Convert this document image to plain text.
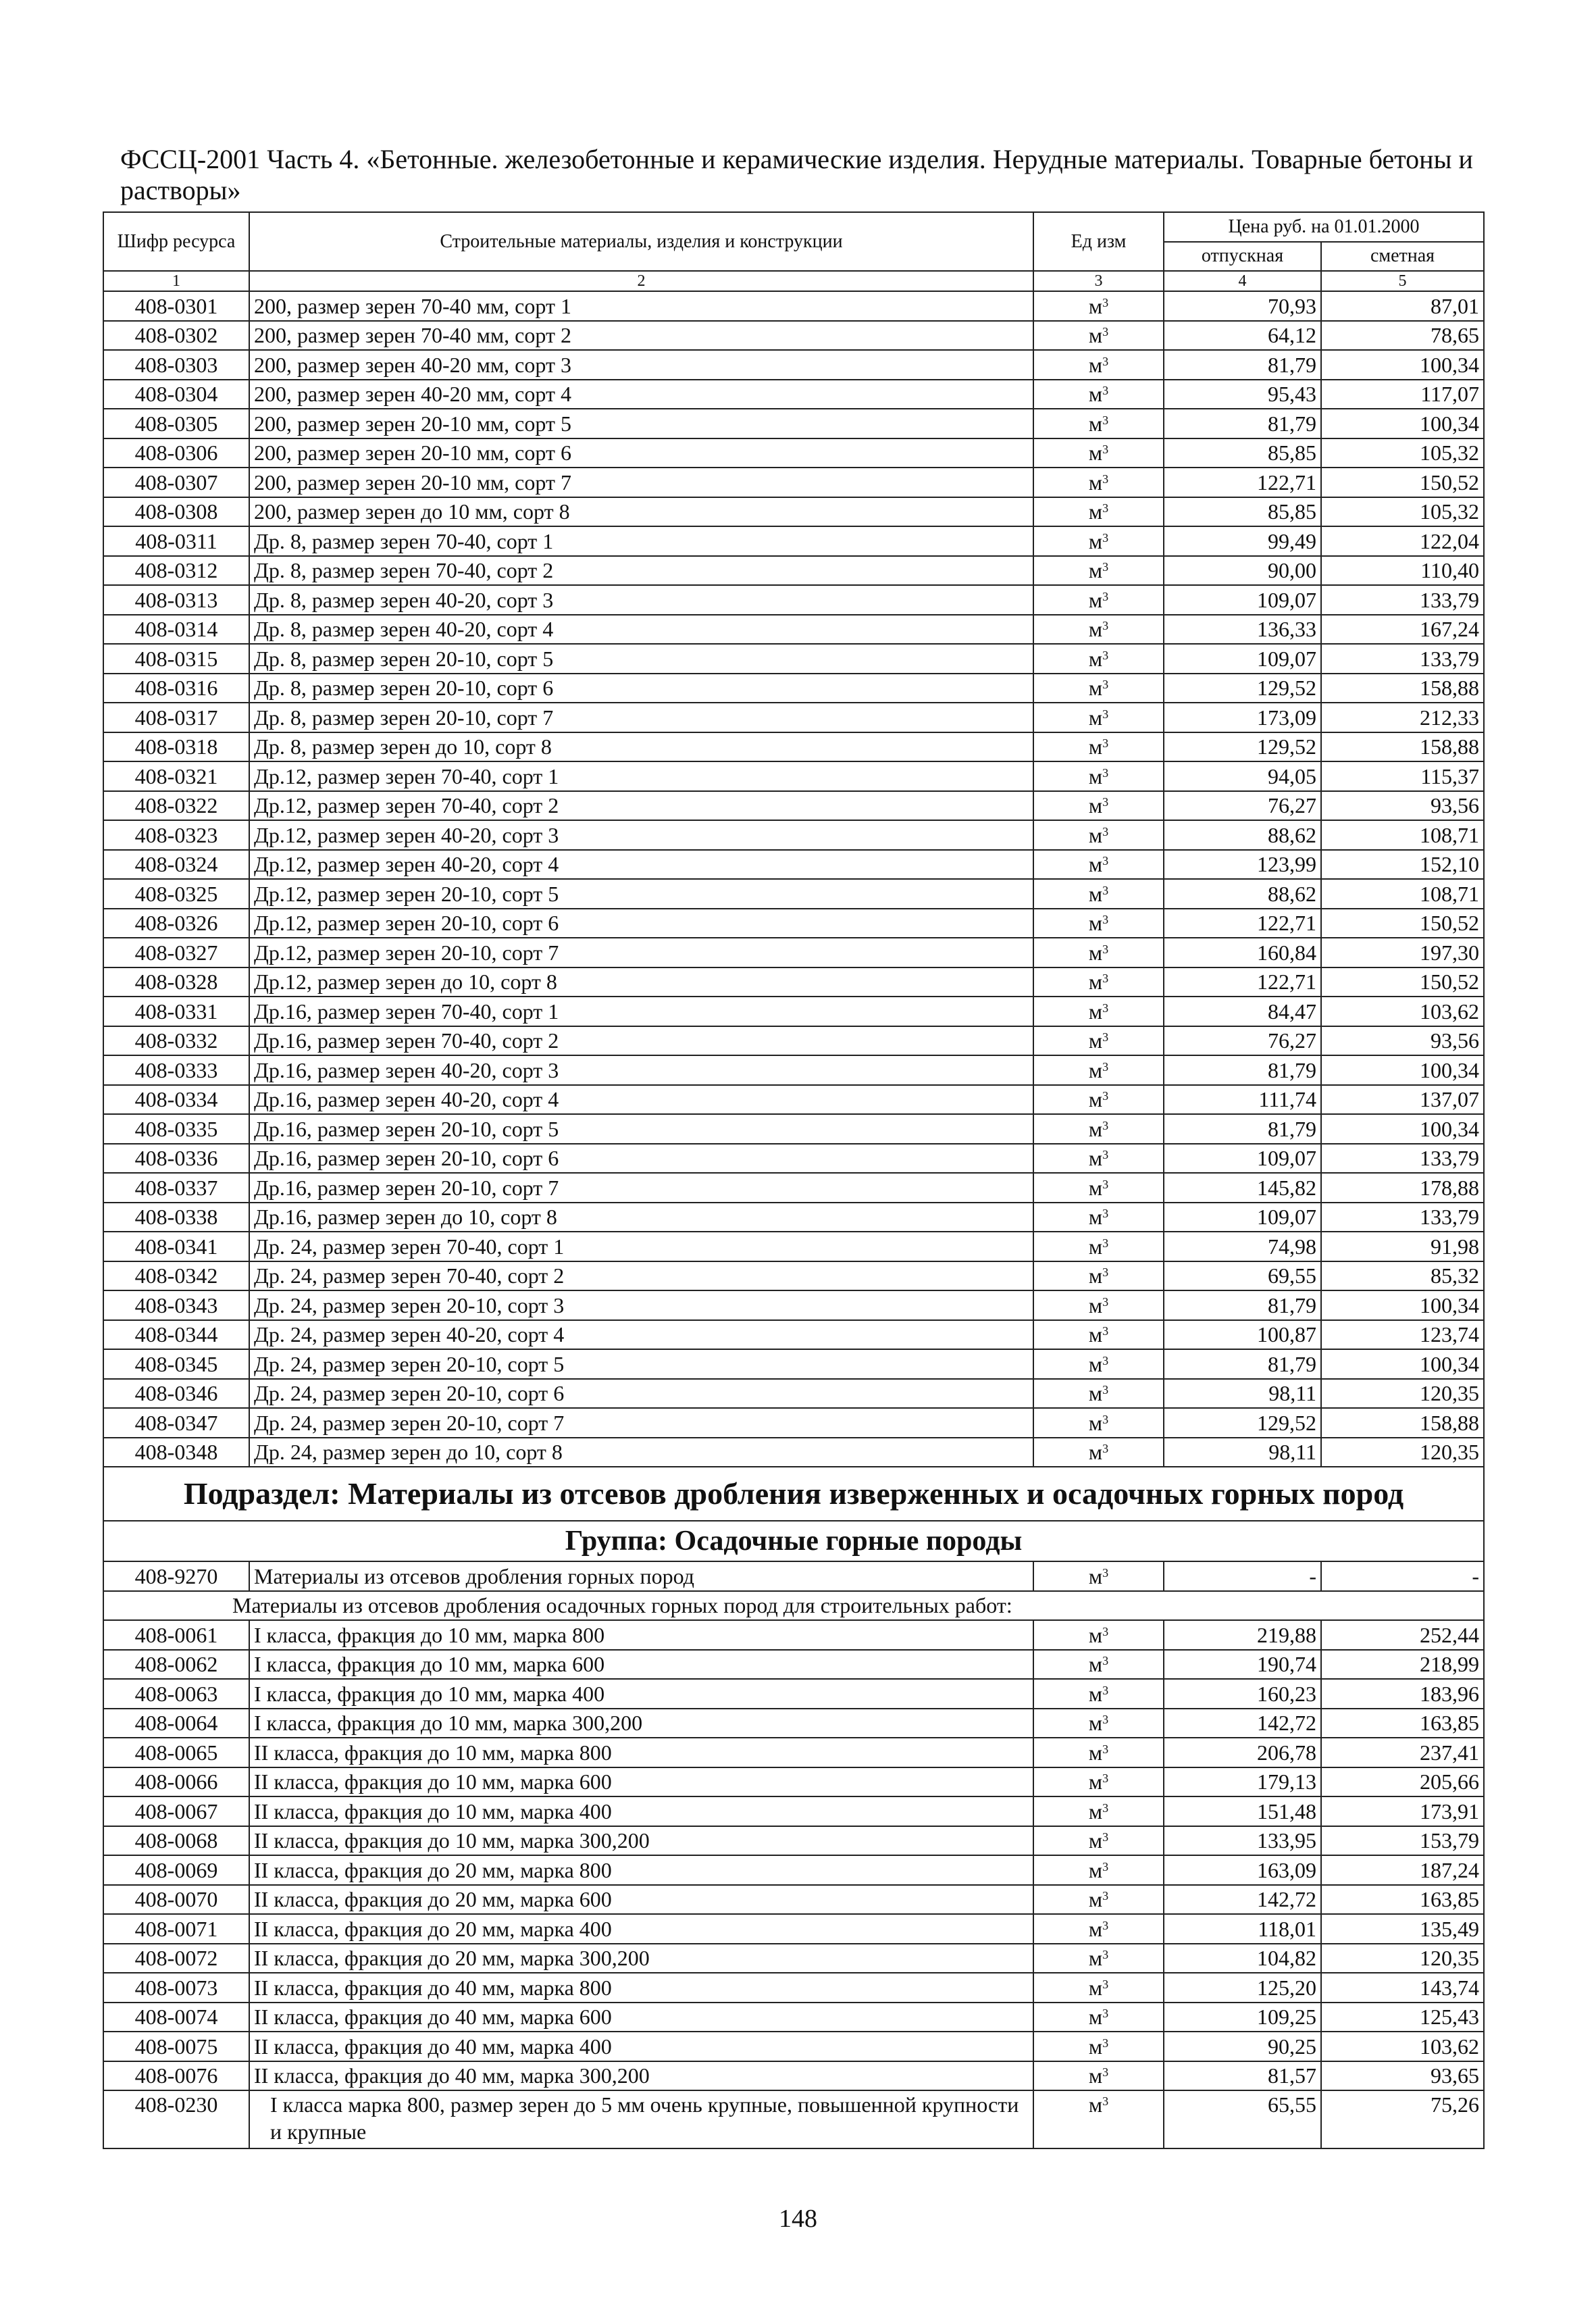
ФССЦ-2001 Часть 4. «Бетонные. железобетонные и керамические изделия. Нерудные материалы. Товарные бетоны и
растворы»
Шифр ресурса	Строительные материалы, изделия и конструкции	Ед изм	Цена руб. на 01.01.2000	
			отпускная	сметная
1	2	3	4	5
408-0301	200, размер зерен 70-40 мм, сорт 1	$м^3$	70,93	87,01
408-0302	200, размер зерен 70-40 мм, сорт 2	$м^3$	64,12	78,65
408-0303	200, размер зерен 40-20 мм, сорт 3	$м^3$	81,79	100,34
408-0304	200, размер зерен 40-20 мм, сорт 4	$м^3$	95,43	117,07
408-0305	200, размер зерен 20-10 мм, сорт 5	$м^3$	81,79	100,34
408-0306	200, размер зерен 20-10 мм, сорт 6	$м^3$	85,85	105,32
408-0307	200, размер зерен 20-10 мм, сорт 7	$м^3$	122,71	150,52
408-0308	200, размер зерен до 10 мм, сорт 8	$м^3$	85,85	105,32
408-0311	Др. 8, размер зерен 70-40, сорт 1	$м^3$	99,49	122,04
408-0312	Др. 8, размер зерен 70-40, сорт 2	$м^3$	90,00	110,40
408-0313	Др. 8, размер зерен 40-20, сорт 3	$м^3$	109,07	133,79
408-0314	Др. 8, размер зерен 40-20, сорт 4	$м^3$	136,33	167,24
408-0315	Др. 8, размер зерен 20-10, сорт 5	$м^3$	109,07	133,79
408-0316	Др. 8, размер зерен 20-10, сорт 6	$м^3$	129,52	158,88
408-0317	Др. 8, размер зерен 20-10, сорт 7	$м^3$	173,09	212,33
408-0318	Др. 8, размер зерен до 10, сорт 8	$м^3$	129,52	158,88
408-0321	Др.12, размер зерен 70-40, сорт 1	$м^3$	94,05	115,37
408-0322	Др.12, размер зерен 70-40, сорт 2	$м^3$	76,27	93,56
408-0323	Др.12, размер зерен 40-20, сорт 3	$м^3$	88,62	108,71
408-0324	Др.12, размер зерен 40-20, сорт 4	$м^3$	123,99	152,10
408-0325	Др.12, размер зерен 20-10, сорт 5	$м^3$	88,62	108,71
408-0326	Др.12, размер зерен 20-10, сорт 6	$м^3$	122,71	150,52
408-0327	Др.12, размер зерен 20-10, сорт 7	$м^3$	160,84	197,30
408-0328	Др.12, размер зерен до 10, сорт 8	$м^3$	122,71	150,52
408-0331	Др.16, размер зерен 70-40, сорт 1	$м^3$	84,47	103,62
408-0332	Др.16, размер зерен 70-40, сорт 2	$м^3$	76,27	93,56
408-0333	Др.16, размер зерен 40-20, сорт 3	$м^3$	81,79	100,34
408-0334	Др.16, размер зерен 40-20, сорт 4	$м^3$	111,74	137,07
408-0335	Др.16, размер зерен 20-10, сорт 5	$м^3$	81,79	100,34
408-0336	Др.16, размер зерен 20-10, сорт 6	$м^3$	109,07	133,79
408-0337	Др.16, размер зерен 20-10, сорт 7	$м^3$	145,82	178,88
408-0338	Др.16, размер зерен до 10, сорт 8	$м^3$	109,07	133,79
408-0341	Др. 24, размер зерен 70-40, сорт 1	$м^3$	74,98	91,98
408-0342	Др. 24, размер зерен 70-40, сорт 2	$м^3$	69,55	85,32
408-0343	Др. 24, размер зерен 20-10, сорт 3	$м^3$	81,79	100,34
408-0344	Др. 24, размер зерен 40-20, сорт 4	$м^3$	100,87	123,74
408-0345	Др. 24, размер зерен 20-10, сорт 5	$м^3$	81,79	100,34
408-0346	Др. 24, размер зерен 20-10, сорт 6	$м^3$	98,11	120,35
408-0347	Др. 24, размер зерен 20-10, сорт 7	$м^3$	129,52	158,88
408-0348	Др. 24, размер зерен до 10, сорт 8	$м^3$	98,11	120,35
Подраздел: Материалы из отсевов дробления изверженных и осадочных горных пород				
Группа: Осадочные горные породы				
408-9270	Материалы из отсевов дробления горных пород	$м^3$	-	-
Материалы из отсевов дробления осадочных горных пород для строительных работ:				
408-0061	I класса, фракция до 10 мм, марка 800	$м^3$	219,88	252,44
408-0062	I класса, фракция до 10 мм, марка 600	$м^3$	190,74	218,99
408-0063	I класса, фракция до 10 мм, марка 400	$м^3$	160,23	183,96
408-0064	I класса, фракция до 10 мм, марка 300,200	$м^3$	142,72	163,85
408-0065	II класса, фракция до 10 мм, марка 800	$м^3$	206,78	237,41
408-0066	II класса, фракция до 10 мм, марка 600	$м^3$	179,13	205,66
408-0067	II класса, фракция до 10 мм, марка 400	$м^3$	151,48	173,91
408-0068	II класса, фракция до 10 мм, марка 300,200	$м^3$	133,95	153,79
408-0069	II класса, фракция до 20 мм, марка 800	$м^3$	163,09	187,24
408-0070	II класса, фракция до 20 мм, марка 600	$м^3$	142,72	163,85
408-0071	II класса, фракция до 20 мм, марка 400	$м^3$	118,01	135,49
408-0072	II класса, фракция до 20 мм, марка 300,200	$м^3$	104,82	120,35
408-0073	II класса, фракция до 40 мм, марка 800	$м^3$	125,20	143,74
408-0074	II класса, фракция до 40 мм, марка 600	$м^3$	109,25	125,43
408-0075	II класса, фракция до 40 мм, марка 400	$м^3$	90,25	103,62
408-0076	II класса, фракция до 40 мм, марка 300,200	$м^3$	81,57	93,65
408-0230	I класса марка 800, размер зерен до 5 мм очень крупные, повышенной крупности и крупные	$м^3$	65,55	75,26
148
